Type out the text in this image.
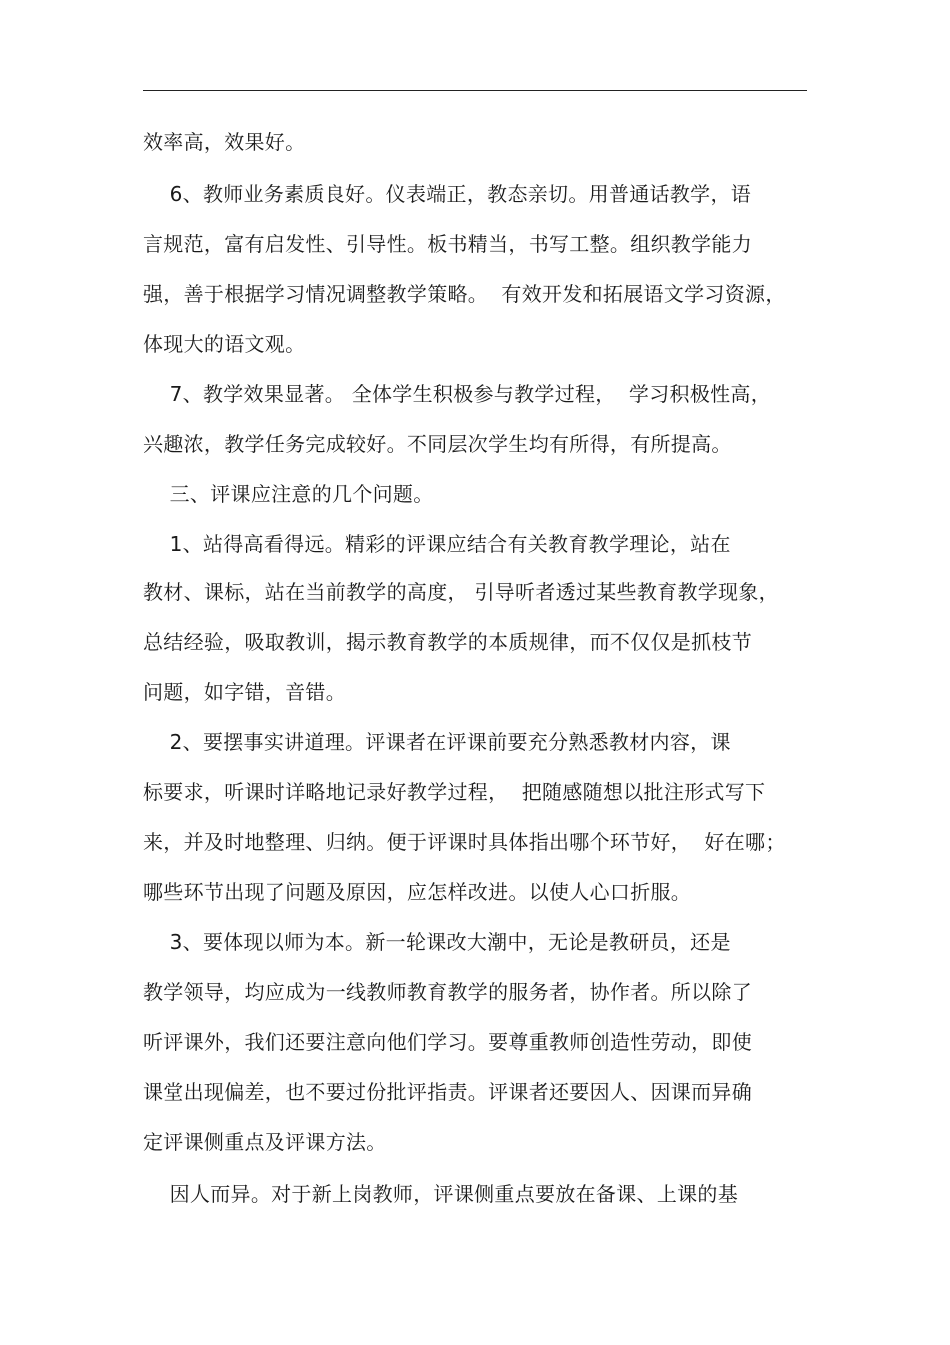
效率高，效果好。
6、教师业务素质良好。仪表端正，教态亲切。用普通话教学，语
言规范，富有启发性、引导性。板书精当，书写工整。组织教学能力
强，善于根据学习情况调整教学策略。  有效开发和拓展语文学习资源，
体现大的语文观。
7、教学效果显著。 全体学生积极参与教学过程，  学习积极性高，
兴趣浓，教学任务完成较好。不同层次学生均有所得，有所提高。
三、评课应注意的几个问题。
1、站得高看得远。精彩的评课应结合有关教育教学理论，站在
教材、课标，站在当前教学的高度， 引导听者透过某些教育教学现象，
总结经验，吸取教训，揭示教育教学的本质规律，而不仅仅是抓枝节
问题，如字错，音错。
2、要摆事实讲道理。评课者在评课前要充分熟悉教材内容，课
标要求，听课时详略地记录好教学过程，  把随感随想以批注形式写下
来，并及时地整理、归纳。便于评课时具体指出哪个环节好，  好在哪；
哪些环节出现了问题及原因，应怎样改进。以使人心口折服。
3、要体现以师为本。新一轮课改大潮中，无论是教研员，还是
教学领导，均应成为一线教师教育教学的服务者，协作者。所以除了
听评课外，我们还要注意向他们学习。要尊重教师创造性劳动，即使
课堂出现偏差，也不要过份批评指责。评课者还要因人、因课而异确
定评课侧重点及评课方法。
因人而异。对于新上岗教师，评课侧重点要放在备课、上课的基
